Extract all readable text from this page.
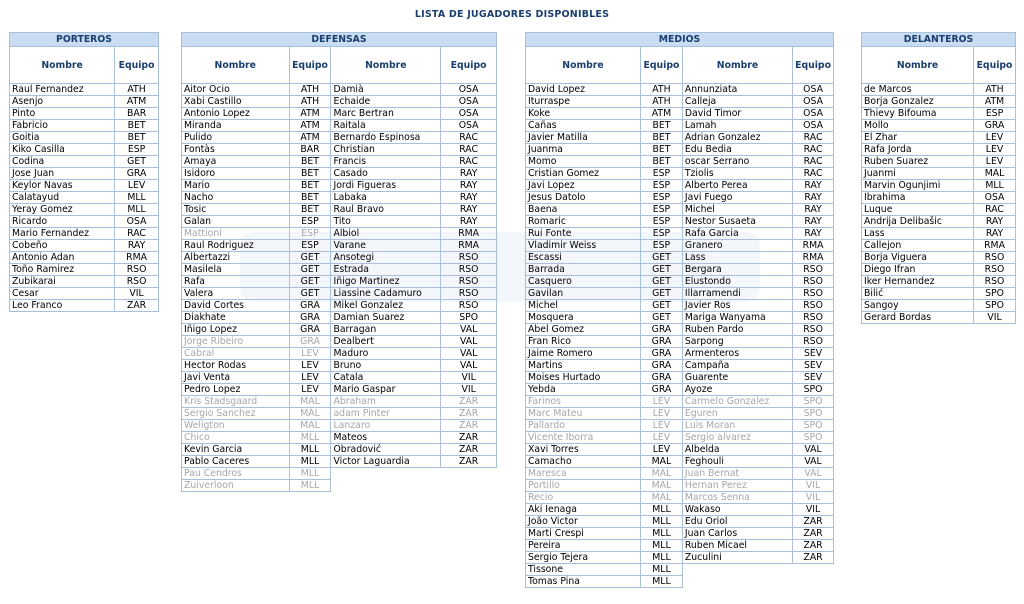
LISTA DE JUGADORES DISPONIBLES
PORTEROS	
Nombre	Equipo
Raul Fernandez	ATH
Asenjo	ATM
Pinto	BAR
Fabricio	BET
Goitia	BET
Kiko Casilla	ESP
Codina	GET
Jose Juan	GRA
Keylor Navas	LEV
Calatayud	MLL
Yeray Gomez	MLL
Ricardo	OSA
Mario Fernandez	RAC
Cobeño	RAY
Antonio Adan	RMA
Toño Ramirez	RSO
Zubikarai	RSO
Cesar	VIL
Leo Franco	ZAR
DEFENSAS			
Nombre	Equipo	Nombre	Equipo
Aitor Ocio	ATH	Damià	OSA
Xabi Castillo	ATH	Echaide	OSA
Antonio Lopez	ATM	Marc Bertran	OSA
Miranda	ATM	Raitala	OSA
Pulido	ATM	Bernardo Espinosa	RAC
Fontàs	BAR	Christian	RAC
Amaya	BET	Francis	RAC
Isidoro	BET	Casado	RAY
Mario	BET	Jordi Figueras	RAY
Nacho	BET	Labaka	RAY
Tosic	BET	Raul Bravo	RAY
Galan	ESP	Tito	RAY
Mattioni	ESP	Albiol	RMA
Raul Rodriguez	ESP	Varane	RMA
Albertazzi	GET	Ansotegi	RSO
Masilela	GET	Estrada	RSO
Rafa	GET	Iñigo Martinez	RSO
Valera	GET	Liassine Cadamuro	RSO
David Cortes	GRA	Mikel Gonzalez	RSO
Diakhate	GRA	Damian Suarez	SPO
Iñigo Lopez	GRA	Barragan	VAL
Jorge Ribeiro	GRA	Dealbert	VAL
Cabral	LEV	Maduro	VAL
Hector Rodas	LEV	Bruno	VAL
Javi Venta	LEV	Catala	VIL
Pedro Lopez	LEV	Mario Gaspar	VIL
Kris Stadsgaard	MAL	Abraham	ZAR
Sergio Sanchez	MAL	adam Pinter	ZAR
Weligton	MAL	Lanzaro	ZAR
Chico	MLL	Mateos	ZAR
Kevin Garcia	MLL	Obradović	ZAR
Pablo Caceres	MLL	Victor Laguardia	ZAR
Pau Cendros	MLL		
Zuiverloon	MLL		
MEDIOS			
Nombre	Equipo	Nombre	Equipo
David Lopez	ATH	Annunziata	OSA
Iturraspe	ATH	Calleja	OSA
Koke	ATM	David Timor	OSA
Cañas	BET	Lamah	OSA
Javier Matilla	BET	Adrian Gonzalez	RAC
Juanma	BET	Edu Bedia	RAC
Momo	BET	oscar Serrano	RAC
Cristian Gomez	ESP	Tziolis	RAC
Javi Lopez	ESP	Alberto Perea	RAY
Jesus Datolo	ESP	Javi Fuego	RAY
Baena	ESP	Michel	RAY
Romaric	ESP	Nestor Susaeta	RAY
Rui Fonte	ESP	Rafa Garcia	RAY
Vladimir Weiss	ESP	Granero	RMA
Escassi	GET	Lass	RMA
Barrada	GET	Bergara	RSO
Casquero	GET	Elustondo	RSO
Gavilan	GET	Illarramendi	RSO
Michel	GET	Javier Ros	RSO
Mosquera	GET	Mariga Wanyama	RSO
Abel Gomez	GRA	Ruben Pardo	RSO
Fran Rico	GRA	Sarpong	RSO
Jaime Romero	GRA	Armenteros	SEV
Martins	GRA	Campaña	SEV
Moises Hurtado	GRA	Guarente	SEV
Yebda	GRA	Ayoze	SPO
Farinos	LEV	Carmelo Gonzalez	SPO
Marc Mateu	LEV	Eguren	SPO
Pallardo	LEV	Luis Moran	SPO
Vicente Iborra	LEV	Sergio alvarez	SPO
Xavi Torres	LEV	Albelda	VAL
Camacho	MAL	Feghouli	VAL
Maresca	MAL	Juan Bernat	VAL
Portillo	MAL	Hernan Perez	VIL
Recio	MAL	Marcos Senna	VIL
Aki Ienaga	MLL	Wakaso	VIL
João Victor	MLL	Edu Oriol	ZAR
Marti Crespi	MLL	Juan Carlos	ZAR
Pereira	MLL	Ruben Micael	ZAR
Sergio Tejera	MLL	Zuculini	ZAR
Tissone	MLL		
Tomas Pina	MLL		
DELANTEROS	
Nombre	Equipo
de Marcos	ATH
Borja Gonzalez	ATM
Thievy Bifouma	ESP
Mollo	GRA
El Zhar	LEV
Rafa Jorda	LEV
Ruben Suarez	LEV
Juanmi	MAL
Marvin Ogunjimi	MLL
Ibrahima	OSA
Luque	RAC
Andrija Delibašic	RAY
Lass	RAY
Callejon	RMA
Borja Viguera	RSO
Diego Ifran	RSO
Iker Hernandez	RSO
Bilić	SPO
Sangoy	SPO
Gerard Bordas	VIL
